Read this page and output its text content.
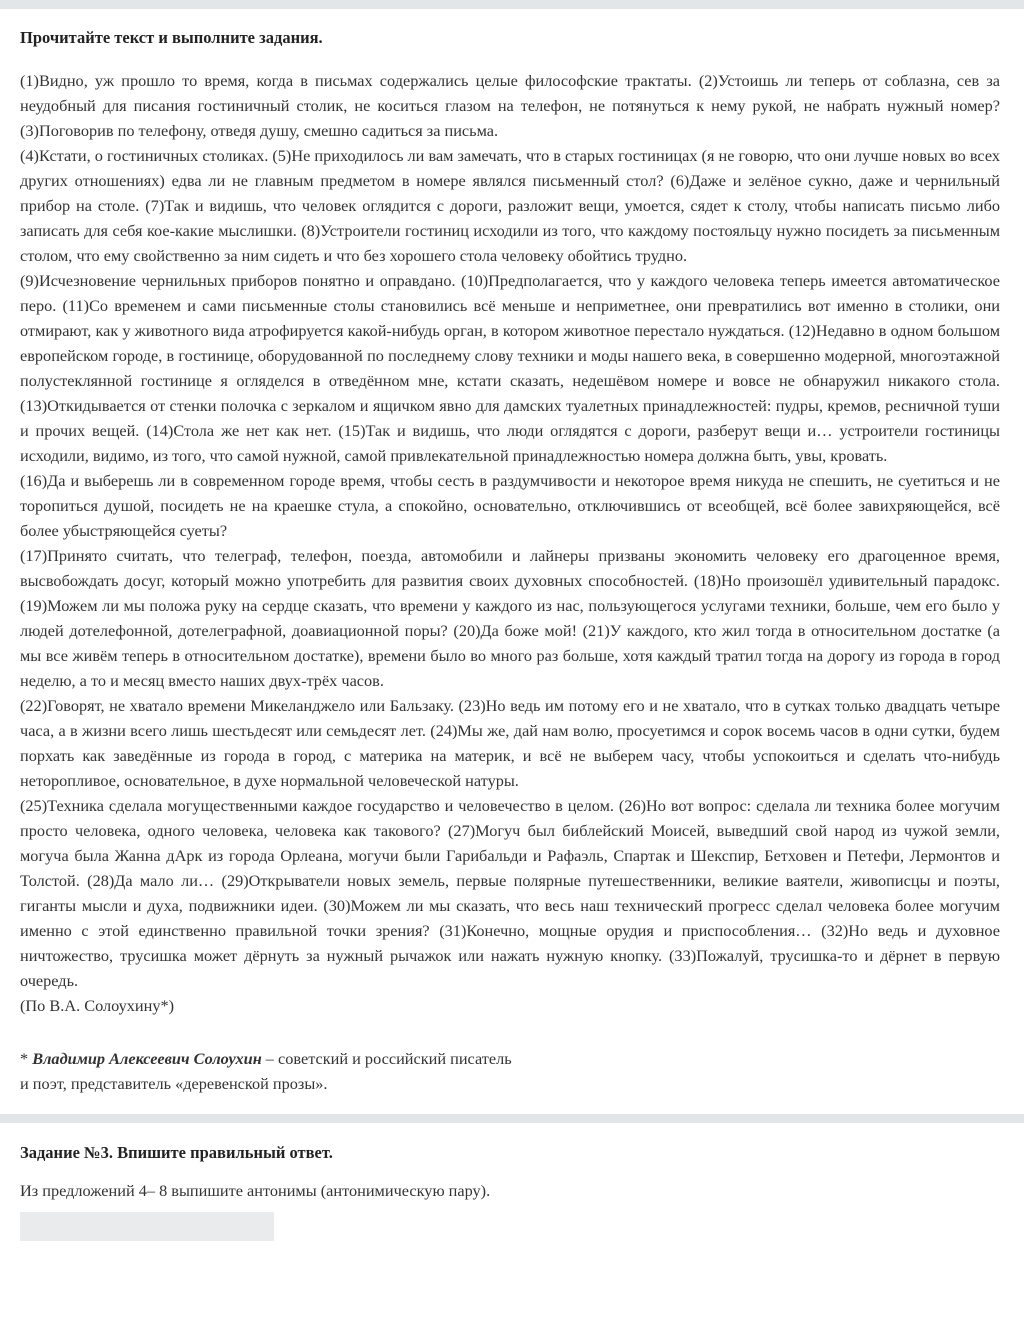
Прочитайте текст и выполните задания.

(1)Видно, уж прошло то время, когда в письмах содержались целые философские трактаты. (2)Устоишь ли теперь от соблазна, сев за неудобный для писания гостиничный столик, не коситься глазом на телефон, не потянуться к нему рукой, не набрать нужный номер? (3)Поговорив по телефону, отведя душу, смешно садиться за письма.

(4)Кстати, о гостиничных столиках. (5)Не приходилось ли вам замечать, что в старых гостиницах (я не говорю, что они лучше новых во всех других отношениях) едва ли не главным предметом в номере являлся письменный стол? (6)Даже и зелёное сукно, даже и чернильный прибор на столе. (7)Так и видишь, что человек оглядится с дороги, разложит вещи, умоется, сядет к столу, чтобы написать письмо либо записать для себя кое-какие мыслишки. (8)Устроители гостиниц исходили из того, что каждому постояльцу нужно посидеть за письменным столом, что ему свойственно за ним сидеть и что без хорошего стола человеку обойтись трудно.

(9)Исчезновение чернильных приборов понятно и оправдано. (10)Предполагается, что у каждого человека теперь имеется автоматическое перо. (11)Со временем и сами письменные столы становились всё меньше и неприметнее, они превратились вот именно в столики, они отмирают, как у животного вида атрофируется какой-нибудь орган, в котором животное перестало нуждаться. (12)Недавно в одном большом европейском городе, в гостинице, оборудованной по последнему слову техники и моды нашего века, в совершенно модерной, многоэтажной полустеклянной гостинице я огляделся в отведённом мне, кстати сказать, недешёвом номере и вовсе не обнаружил никакого стола. (13)Откидывается от стенки полочка с зеркалом и ящичком явно для дамских туалетных принадлежностей: пудры, кремов, ресничной туши и прочих вещей. (14)Стола же нет как нет. (15)Так и видишь, что люди оглядятся с дороги, разберут вещи и… устроители гостиницы исходили, видимо, из того, что самой нужной, самой привлекательной принадлежностью номера должна быть, увы, кровать.

(16)Да и выберешь ли в современном городе время, чтобы сесть в раздумчивости и некоторое время никуда не спешить, не суетиться и не торопиться душой, посидеть не на краешке стула, а спокойно, основательно, отключившись от всеобщей, всё более завихряющейся, всё более убыстряющейся суеты?

(17)Принято считать, что телеграф, телефон, поезда, автомобили и лайнеры призваны экономить человеку его драгоценное время, высвобождать досуг, который можно употребить для развития своих духовных способностей. (18)Но произошёл удивительный парадокс. (19)Можем ли мы положа руку на сердце сказать, что времени у каждого из нас, пользующегося услугами техники, больше, чем его было у людей дотелефонной, дотелеграфной, доавиационной поры? (20)Да боже мой! (21)У каждого, кто жил тогда в относительном достатке (а мы все живём теперь в относительном достатке), времени было во много раз больше, хотя каждый тратил тогда на дорогу из города в город неделю, а то и месяц вместо наших двух-трёх часов.

(22)Говорят, не хватало времени Микеланджело или Бальзаку. (23)Но ведь им потому его и не хватало, что в сутках только двадцать четыре часа, а в жизни всего лишь шестьдесят или семьдесят лет. (24)Мы же, дай нам волю, просуетимся и сорок восемь часов в одни сутки, будем порхать как заведённые из города в город, с материка на материк, и всё не выберем часу, чтобы успокоиться и сделать что-нибудь неторопливое, основательное, в духе нормальной человеческой натуры.

(25)Техника сделала могущественными каждое государство и человечество в целом. (26)Но вот вопрос: сделала ли техника более могучим просто человека, одного человека, человека как такового? (27)Могуч был библейский Моисей, выведший свой народ из чужой земли, могуча была Жанна дАрк из города Орлеана, могучи были Гарибальди и Рафаэль, Спартак и Шекспир, Бетховен и Петефи, Лермонтов и Толстой. (28)Да мало ли… (29)Открыватели новых земель, первые полярные путешественники, великие ваятели, живописцы и поэты, гиганты мысли и духа, подвижники идеи. (30)Можем ли мы сказать, что весь наш технический прогресс сделал человека более могучим именно с этой единственно правильной точки зрения? (31)Конечно, мощные орудия и приспособления… (32)Но ведь и духовное ничтожество, трусишка может дёрнуть за нужный рычажок или нажать нужную кнопку. (33)Пожалуй, трусишка-то и дёрнет в первую очередь.

(По В.А. Солоухину*)

* Владимир Алексеевич Солоухин – советский и российский писатель
и поэт, представитель «деревенской прозы».
Задание №3. Впишите правильный ответ.
Из предложений 4– 8 выпишите антонимы (антонимическую пару).
